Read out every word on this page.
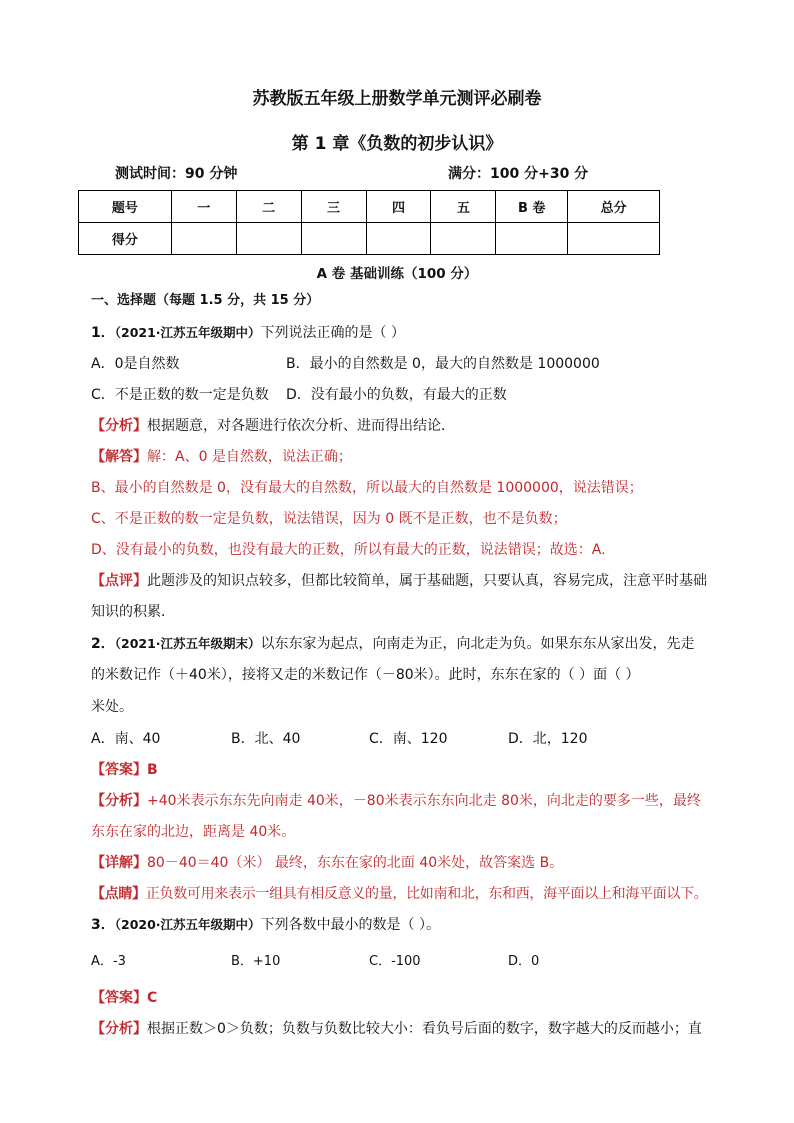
苏教版五年级上册数学单元测评必刷卷
第 1 章《负数的初步认识》
测试时间：90 分钟	满分：100 分+30 分
题号	一	二	三	四	五	B 卷	总分
得分							
A 卷 基础训练（100 分）
一、选择题（每题 1.5 分，共 15 分）
1．（2021·江苏五年级期中）下列说法正确的是（ ）
A．0是自然数	B．最小的自然数是 0，最大的自然数是 1000000
C．不是正数的数一定是负数 D．没有最小的负数，有最大的正数
【分析】根据题意，对各题进行依次分析、进而得出结论．
【解答】解：A、0 是自然数，说法正确；
B、最小的自然数是 0，没有最大的自然数，所以最大的自然数是 1000000，说法错误；
C、不是正数的数一定是负数，说法错误，因为 0 既不是正数，也不是负数；
D、没有最小的负数，也没有最大的正数，所以有最大的正数，说法错误；故选：A.
【点评】此题涉及的知识点较多，但都比较简单，属于基础题，只要认真，容易完成，注意平时基础
知识的积累．
2．（2021·江苏五年级期末）以东东家为起点，向南走为正，向北走为负。如果东东从家出发，先走
的米数记作（＋40米），接将又走的米数记作（－80米）。此时，东东在家的（ ）面（ ）
米处。
A．南、40	B．北、40	C．南、120	D．北，120
【答案】B
【分析】+40米表示东东先向南走 40米，－80米表示东东向北走 80米，向北走的要多一些，最终
东东在家的北边，距离是 40米。
【详解】80－40＝40（米） 最终，东东在家的北面 40米处，故答案选 B。
【点睛】正负数可用来表示一组具有相反意义的量，比如南和北，东和西，海平面以上和海平面以下。
3．（2020·江苏五年级期中）下列各数中最小的数是（ ）。
A．-3	B．+10	C．-100	D．0
【答案】C
【分析】根据正数＞0＞负数；负数与负数比较大小：看负号后面的数字，数字越大的反而越小；直
